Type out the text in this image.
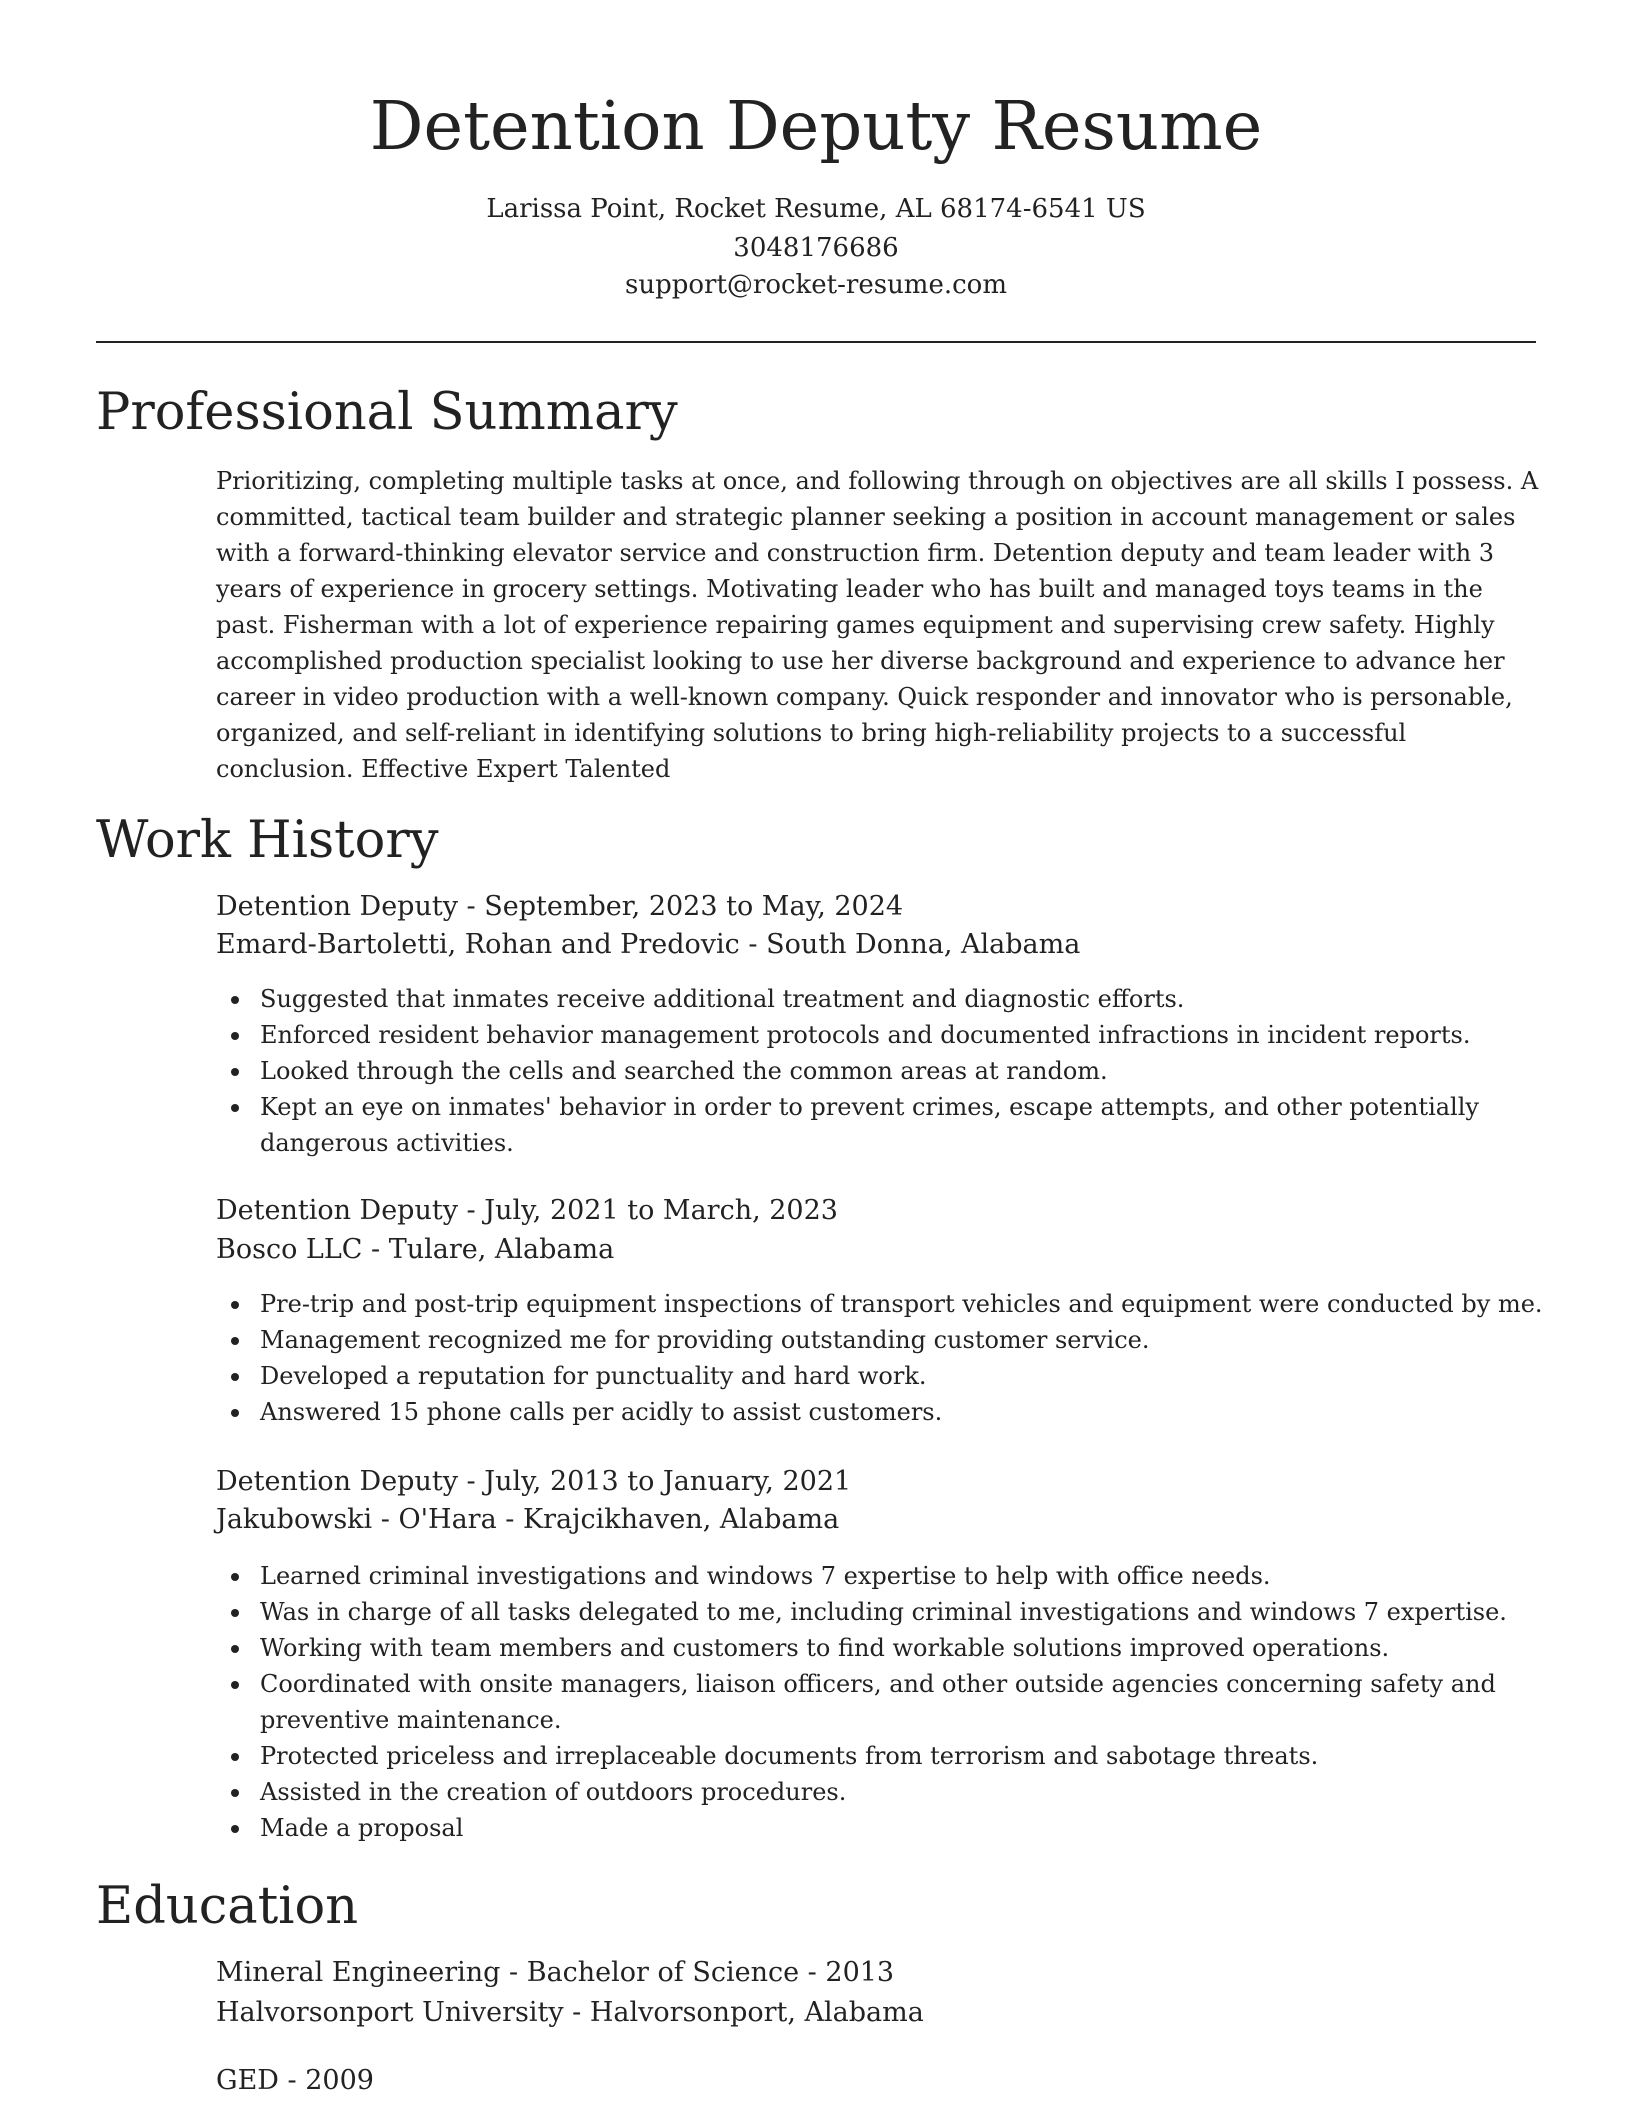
Detention Deputy Resume
Larissa Point, Rocket Resume, AL 68174-6541 US
3048176686
support@rocket-resume.com
Professional Summary

Prioritizing, completing multiple tasks at once, and following through on objectives are all skills I possess. A committed, tactical team builder and strategic planner seeking a position in account management or sales with a forward-thinking elevator service and construction firm. Detention deputy and team leader with 3 years of experience in grocery settings. Motivating leader who has built and managed toys teams in the past. Fisherman with a lot of experience repairing games equipment and supervising crew safety. Highly accomplished production specialist looking to use her diverse background and experience to advance her career in video production with a well-known company. Quick responder and innovator who is personable, organized, and self-reliant in identifying solutions to bring high-reliability projects to a successful conclusion. Effective Expert Talented

Work History
Detention Deputy - September, 2023 to May, 2024
Emard-Bartoletti, Rohan and Predovic - South Donna, Alabama
Suggested that inmates receive additional treatment and diagnostic efforts.
Enforced resident behavior management protocols and documented infractions in incident reports.
Looked through the cells and searched the common areas at random.
Kept an eye on inmates' behavior in order to prevent crimes, escape attempts, and other potentially dangerous activities.
Detention Deputy - July, 2021 to March, 2023
Bosco LLC - Tulare, Alabama
Pre-trip and post-trip equipment inspections of transport vehicles and equipment were conducted by me.
Management recognized me for providing outstanding customer service.
Developed a reputation for punctuality and hard work.
Answered 15 phone calls per acidly to assist customers.
Detention Deputy - July, 2013 to January, 2021
Jakubowski - O'Hara - Krajcikhaven, Alabama
Learned criminal investigations and windows 7 expertise to help with office needs.
Was in charge of all tasks delegated to me, including criminal investigations and windows 7 expertise.
Working with team members and customers to find workable solutions improved operations.
Coordinated with onsite managers, liaison officers, and other outside agencies concerning safety and preventive maintenance.
Protected priceless and irreplaceable documents from terrorism and sabotage threats.
Assisted in the creation of outdoors procedures.
Made a proposal
Education
Mineral Engineering - Bachelor of Science - 2013
Halvorsonport University - Halvorsonport, Alabama
GED - 2009
